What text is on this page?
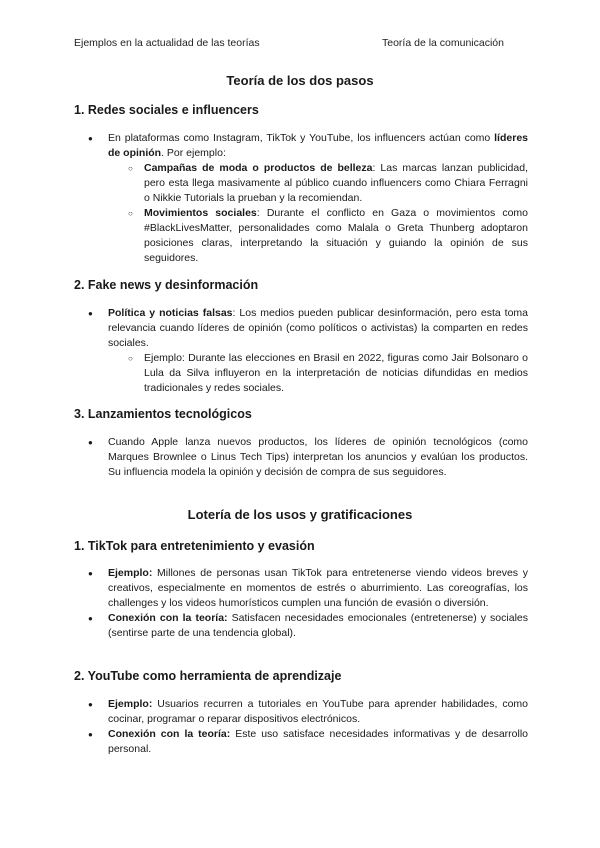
Ejemplos en la actualidad de las teorías	Teoría de la comunicación
Teoría de los dos pasos
1. Redes sociales e influencers

● En plataformas como Instagram, TikTok y YouTube, los influencers actúan como líderes de opinión. Por ejemplo:

○ Campañas de moda o productos de belleza: Las marcas lanzan publicidad, pero esta llega masivamente al público cuando influencers como Chiara Ferragni o Nikkie Tutorials la prueban y la recomiendan.

○ Movimientos sociales: Durante el conflicto en Gaza o movimientos como #BlackLivesMatter, personalidades como Malala o Greta Thunberg adoptaron posiciones claras, interpretando la situación y guiando la opinión de sus seguidores.

2. Fake news y desinformación

● Política y noticias falsas: Los medios pueden publicar desinformación, pero esta toma relevancia cuando líderes de opinión (como políticos o activistas) la comparten en redes sociales.

○ Ejemplo: Durante las elecciones en Brasil en 2022, figuras como Jair Bolsonaro o Lula da Silva influyeron en la interpretación de noticias difundidas en medios tradicionales y redes sociales.

3. Lanzamientos tecnológicos

● Cuando Apple lanza nuevos productos, los líderes de opinión tecnológicos (como Marques Brownlee o Linus Tech Tips) interpretan los anuncios y evalúan los productos. Su influencia modela la opinión y decisión de compra de sus seguidores.

Lotería de los usos y gratificaciones
1. TikTok para entretenimiento y evasión

● Ejemplo: Millones de personas usan TikTok para entretenerse viendo videos breves y creativos, especialmente en momentos de estrés o aburrimiento. Las coreografías, los challenges y los videos humorísticos cumplen una función de evasión o diversión.

● Conexión con la teoría: Satisfacen necesidades emocionales (entretenerse) y sociales (sentirse parte de una tendencia global).

2. YouTube como herramienta de aprendizaje

● Ejemplo: Usuarios recurren a tutoriales en YouTube para aprender habilidades, como cocinar, programar o reparar dispositivos electrónicos.

● Conexión con la teoría: Este uso satisface necesidades informativas y de desarrollo personal.
